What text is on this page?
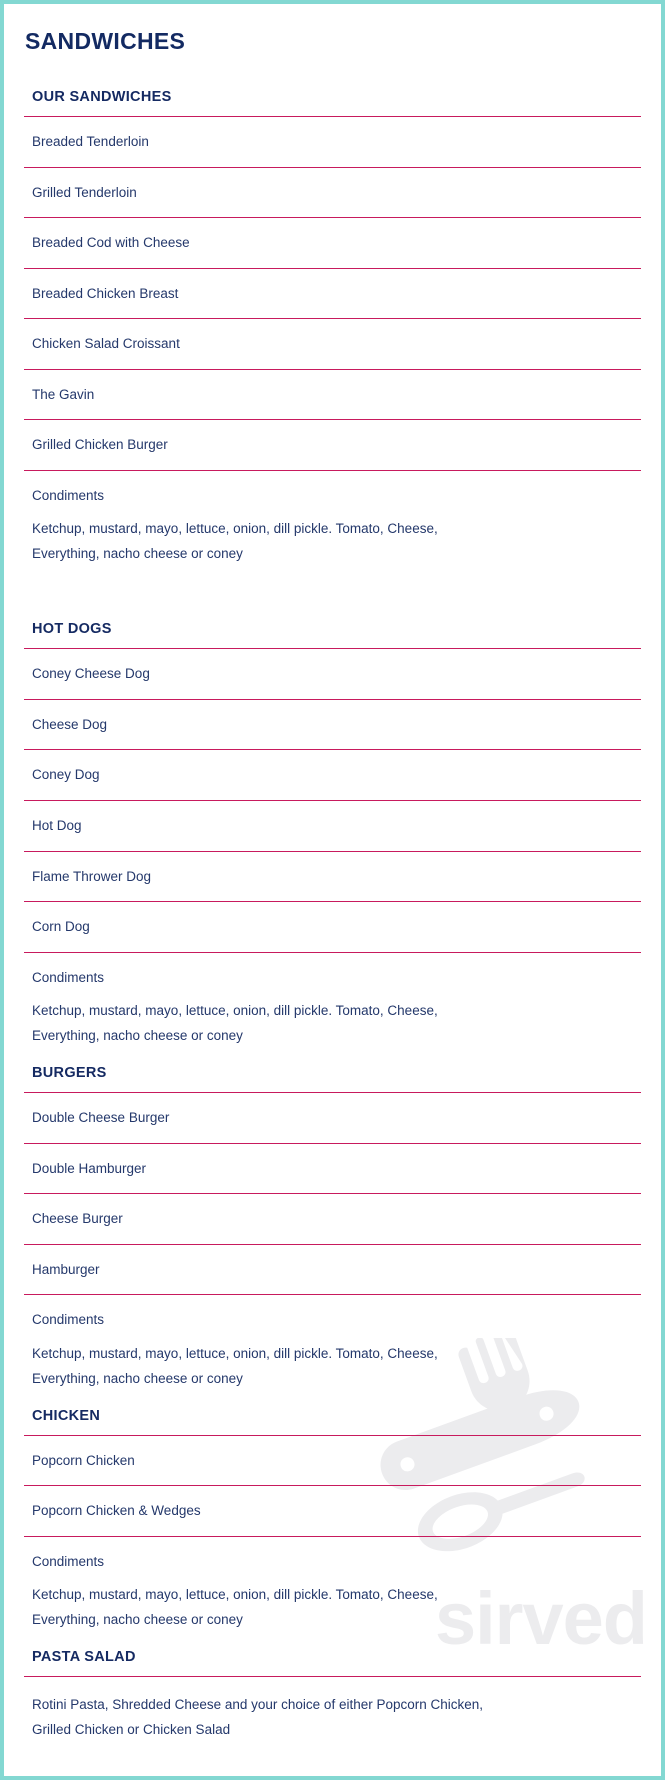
sirved
SANDWICHES
OUR SANDWICHES
Breaded Tenderloin
Grilled Tenderloin
Breaded Cod with Cheese
Breaded Chicken Breast
Chicken Salad Croissant
The Gavin
Grilled Chicken Burger
Condiments
Ketchup, mustard, mayo, lettuce, onion, dill pickle. Tomato, Cheese,
Everything, nacho cheese or coney
HOT DOGS
Coney Cheese Dog
Cheese Dog
Coney Dog
Hot Dog
Flame Thrower Dog
Corn Dog
Condiments
Ketchup, mustard, mayo, lettuce, onion, dill pickle. Tomato, Cheese,
Everything, nacho cheese or coney
BURGERS
Double Cheese Burger
Double Hamburger
Cheese Burger
Hamburger
Condiments
Ketchup, mustard, mayo, lettuce, onion, dill pickle. Tomato, Cheese,
Everything, nacho cheese or coney
CHICKEN
Popcorn Chicken
Popcorn Chicken & Wedges
Condiments
Ketchup, mustard, mayo, lettuce, onion, dill pickle. Tomato, Cheese,
Everything, nacho cheese or coney
PASTA SALAD
Rotini Pasta, Shredded Cheese and your choice of either Popcorn Chicken,
Grilled Chicken or Chicken Salad
